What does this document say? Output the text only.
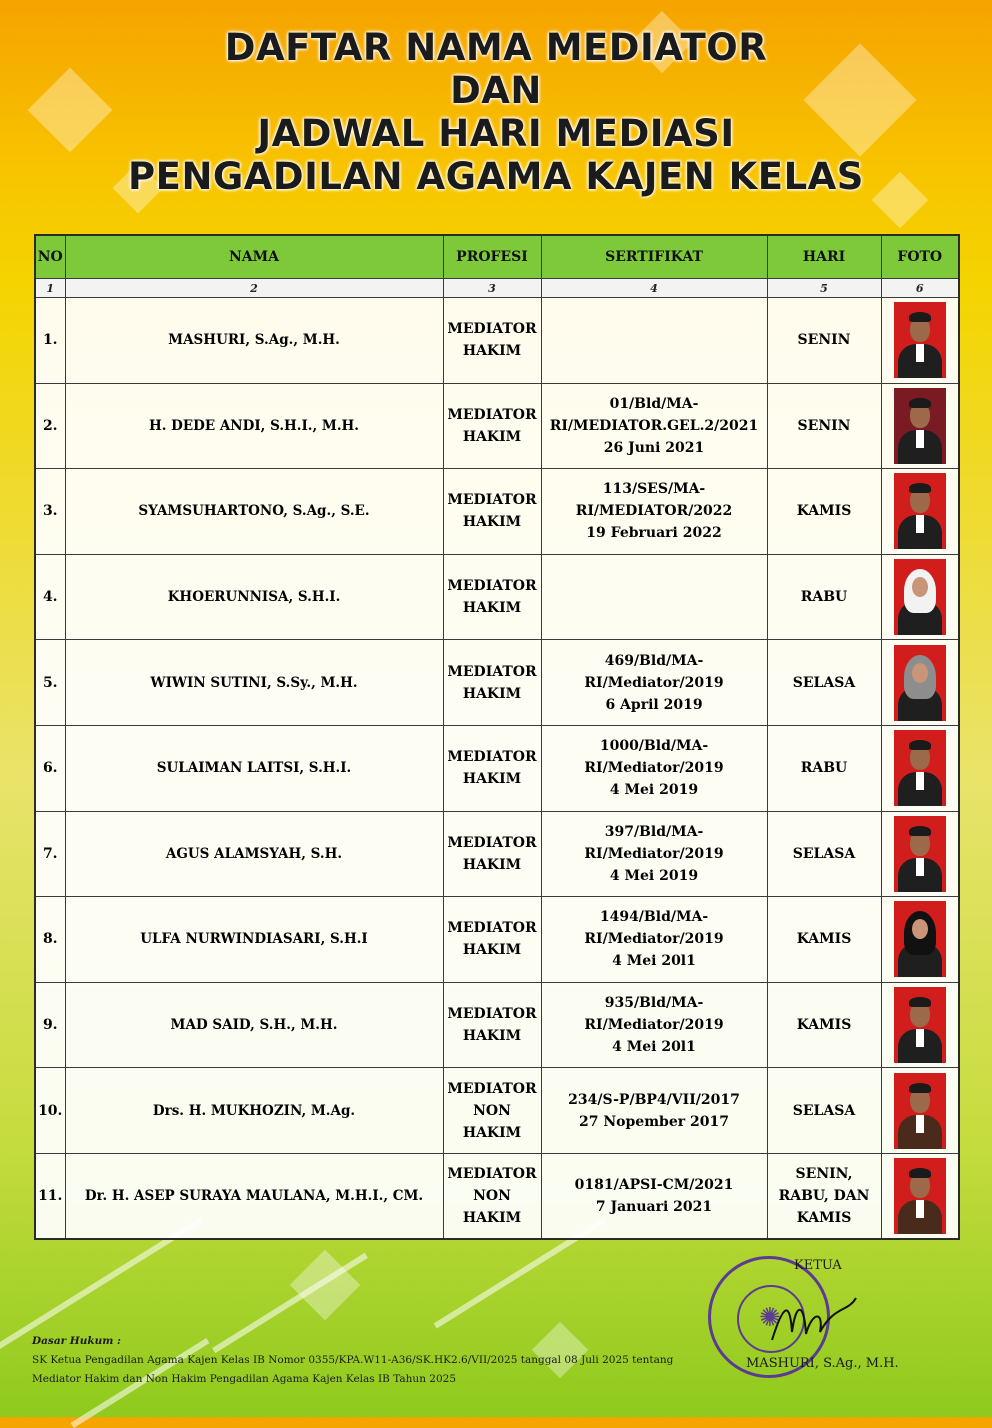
DAFTAR NAMA MEDIATOR
DAN
JADWAL HARI MEDIASI
PENGADILAN AGAMA KAJEN KELAS
NO	NAMA	PROFESI	SERTIFIKAT	HARI	FOTO
1	2	3	4	5	6
1.	MASHURI, S.Ag., M.H.	MEDIATOR
HAKIM		SENIN	

2.	H. DEDE ANDI, S.H.I., M.H.	MEDIATOR
HAKIM	01/Bld/MA-
RI/MEDIATOR.GEL.2/2021
26 Juni 2021	SENIN	

3.	SYAMSUHARTONO, S.Ag., S.E.	MEDIATOR
HAKIM	113/SES/MA-
RI/MEDIATOR/2022
19 Februari 2022	KAMIS	

4.	KHOERUNNISA, S.H.I.	MEDIATOR
HAKIM		RABU	

5.	WIWIN SUTINI, S.Sy., M.H.	MEDIATOR
HAKIM	469/Bld/MA-
RI/Mediator/2019
6 April 2019	SELASA	

6.	SULAIMAN LAITSI, S.H.I.	MEDIATOR
HAKIM	1000/Bld/MA-
RI/Mediator/2019
4 Mei 2019	RABU	

7.	AGUS ALAMSYAH, S.H.	MEDIATOR
HAKIM	397/Bld/MA-
RI/Mediator/2019
4 Mei 2019	SELASA	

8.	ULFA NURWINDIASARI, S.H.I	MEDIATOR
HAKIM	1494/Bld/MA-
RI/Mediator/2019
4 Mei 20l1	KAMIS	

9.	MAD SAID, S.H., M.H.	MEDIATOR
HAKIM	935/Bld/MA-
RI/Mediator/2019
4 Mei 20l1	KAMIS	

10.	Drs. H. MUKHOZIN, M.Ag.	MEDIATOR
NON
HAKIM	234/S-P/BP4/VII/2017
27 Nopember 2017	SELASA	

11.	Dr. H. ASEP SURAYA MAULANA, M.H.I., CM.	MEDIATOR
NON
HAKIM	0181/APSI-CM/2021
7 Januari 2021	SENIN,
RABU, DAN
KAMIS	

Dasar Hukum :
SK Ketua Pengadilan Agama Kajen Kelas IB Nomor 0355/KPA.W11-A36/SK.HK2.6/VII/2025 tanggal 08 Juli 2025 tentang
Mediator Hakim dan Non Hakim Pengadilan Agama Kajen Kelas IB Tahun 2025
✺
KETUA
MASHURI, S.Ag., M.H.
